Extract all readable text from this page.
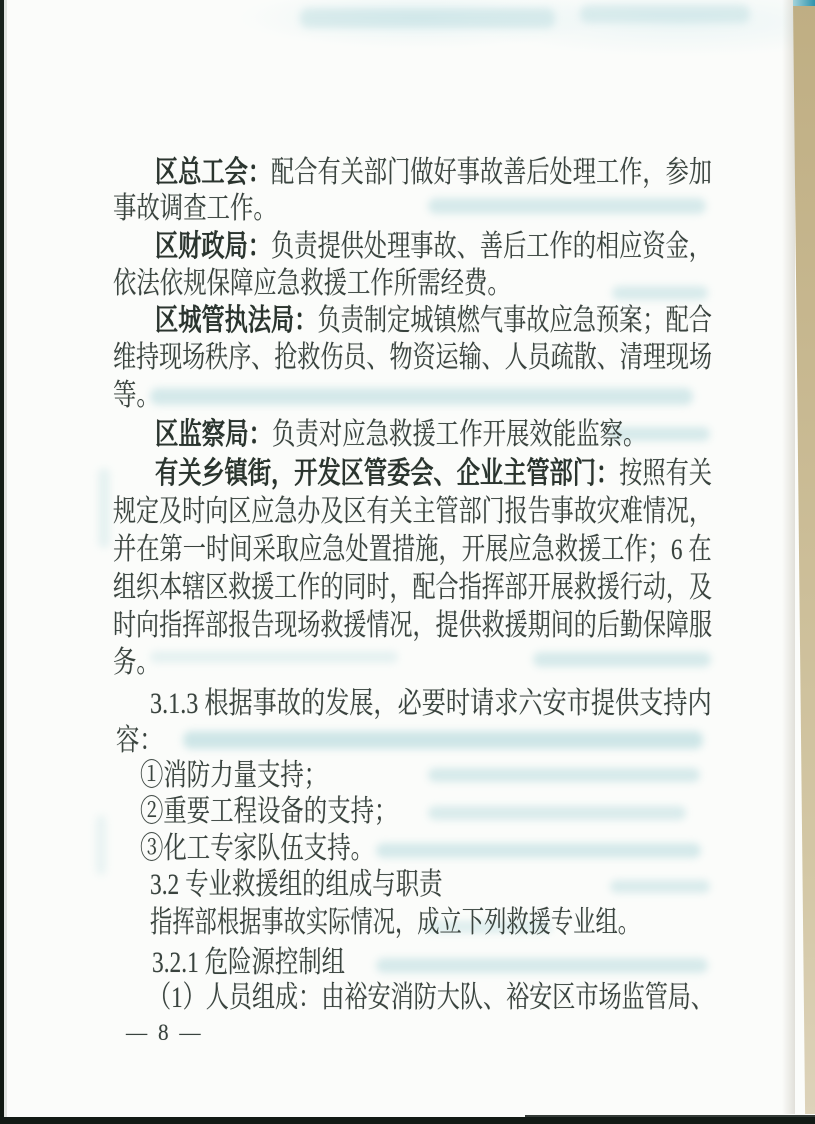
区总工会：配合有关部门做好事故善后处理工作，参加
事故调查工作。
区财政局：负责提供处理事故、善后工作的相应资金，
依法依规保障应急救援工作所需经费。
区城管执法局：负责制定城镇燃气事故应急预案；配合
维持现场秩序、抢救伤员、物资运输、人员疏散、清理现场
等。
区监察局：负责对应急救援工作开展效能监察。
有关乡镇街，开发区管委会、企业主管部门：按照有关
规定及时向区应急办及区有关主管部门报告事故灾难情况，
并在第一时间采取应急处置措施，开展应急救援工作；6 在
组织本辖区救援工作的同时，配合指挥部开展救援行动，及
时向指挥部报告现场救援情况，提供救援期间的后勤保障服
务。
3.1.3 根据事故的发展，必要时请求六安市提供支持内
容：
①消防力量支持；
②重要工程设备的支持；
③化工专家队伍支持。
3.2 专业救援组的组成与职责
指挥部根据事故实际情况，成立下列救援专业组。
3.2.1 危险源控制组
（1）人员组成：由裕安消防大队、裕安区市场监管局、
— 8 —
